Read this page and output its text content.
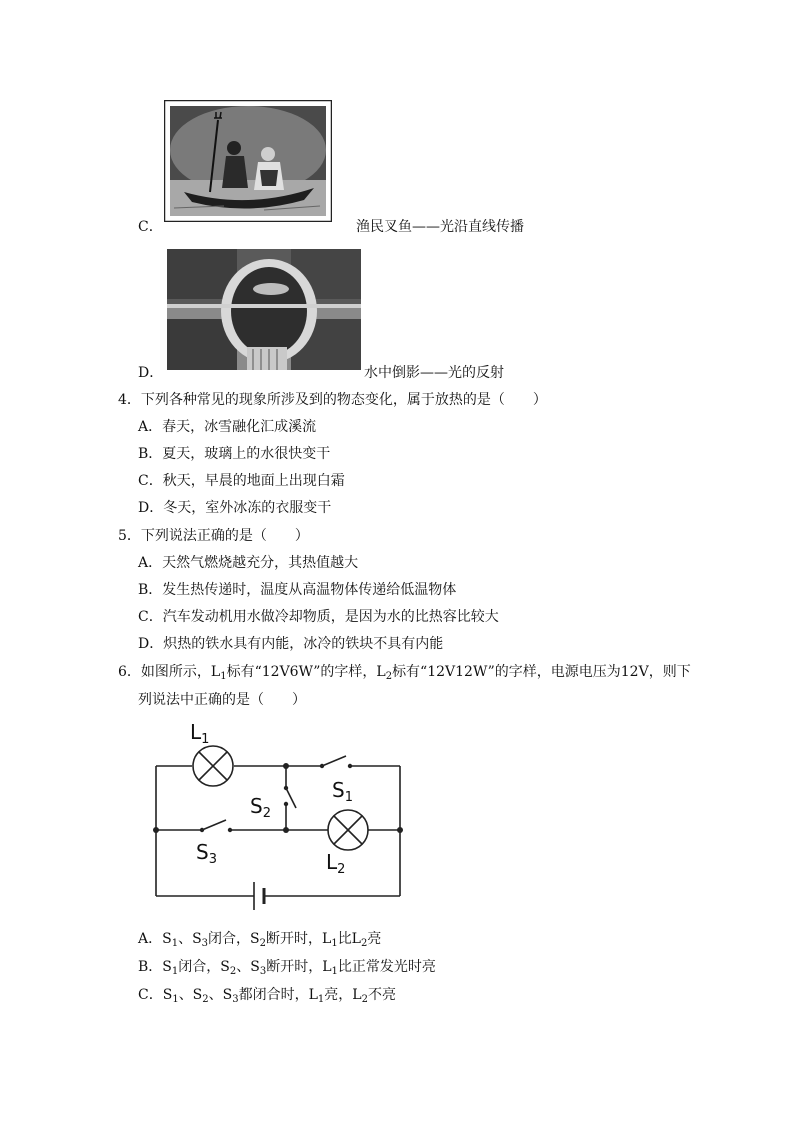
C．	渔民叉鱼——光沿直线传播
D．	水中倒影——光的反射
4．下列各种常见的现象所涉及到的物态变化，属于放热的是（　　）
A．春天，冰雪融化汇成溪流
B．夏天，玻璃上的水很快变干
C．秋天，早晨的地面上出现白霜
D．冬天，室外冰冻的衣服变干
5．下列说法正确的是（　　）
A．天然气燃烧越充分，其热值越大
B．发生热传递时，温度从高温物体传递给低温物体
C．汽车发动机用水做冷却物质，是因为水的比热容比较大
D．炽热的铁水具有内能，冰冷的铁块不具有内能
6．如图所示，$L_1$标有“12V6W”的字样，$L_2$标有“12V12W”的字样，电源电压为12V，则下
列说法中正确的是（　　）
$L_1$
$S_1$
$S_2$
$S_3$	$L_2$
A．$S_1$、$S_3$闭合，$S_2$断开时，$L_1$比$L_2$亮
B．$S_1$闭合，$S_2$、$S_3$断开时，$L_1$比正常发光时亮
C．$S_1$、$S_2$、$S_3$都闭合时，$L_1$亮，$L_2$不亮
